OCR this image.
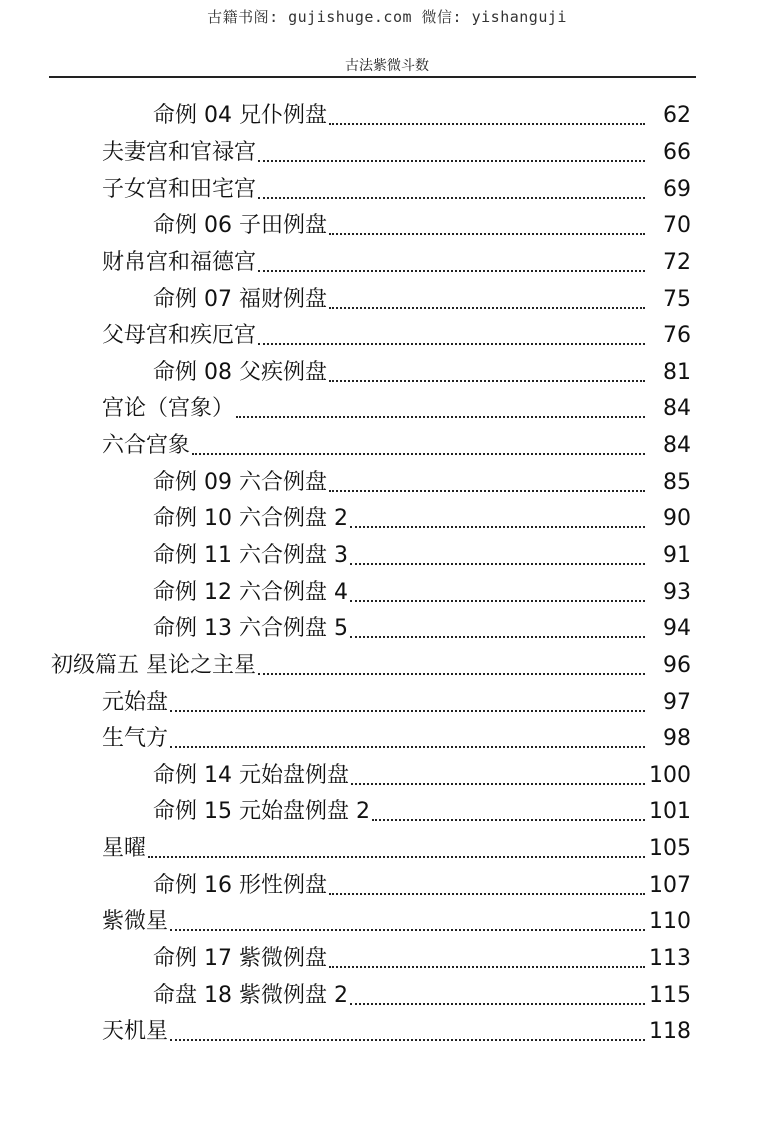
古籍书阁: gujishuge.com 微信: yishanguji
古法紫微斗数
命例 04 兄仆例盘	62
夫妻宫和官禄宫	66
子女宫和田宅宫	69
命例 06 子田例盘	70
财帛宫和福德宫	72
命例 07 福财例盘	75
父母宫和疾厄宫	76
命例 08 父疾例盘	81
宫论（宫象）	84
六合宫象	84
命例 09 六合例盘	85
命例 10 六合例盘 2	90
命例 11 六合例盘 3	91
命例 12 六合例盘 4	93
命例 13 六合例盘 5	94
初级篇五 星论之主星	96
元始盘	97
生气方	98
命例 14 元始盘例盘	100
命例 15 元始盘例盘 2	101
星曜	105
命例 16 形性例盘	107
紫微星	110
命例 17 紫微例盘	113
命盘 18 紫微例盘 2	115
天机星	118
